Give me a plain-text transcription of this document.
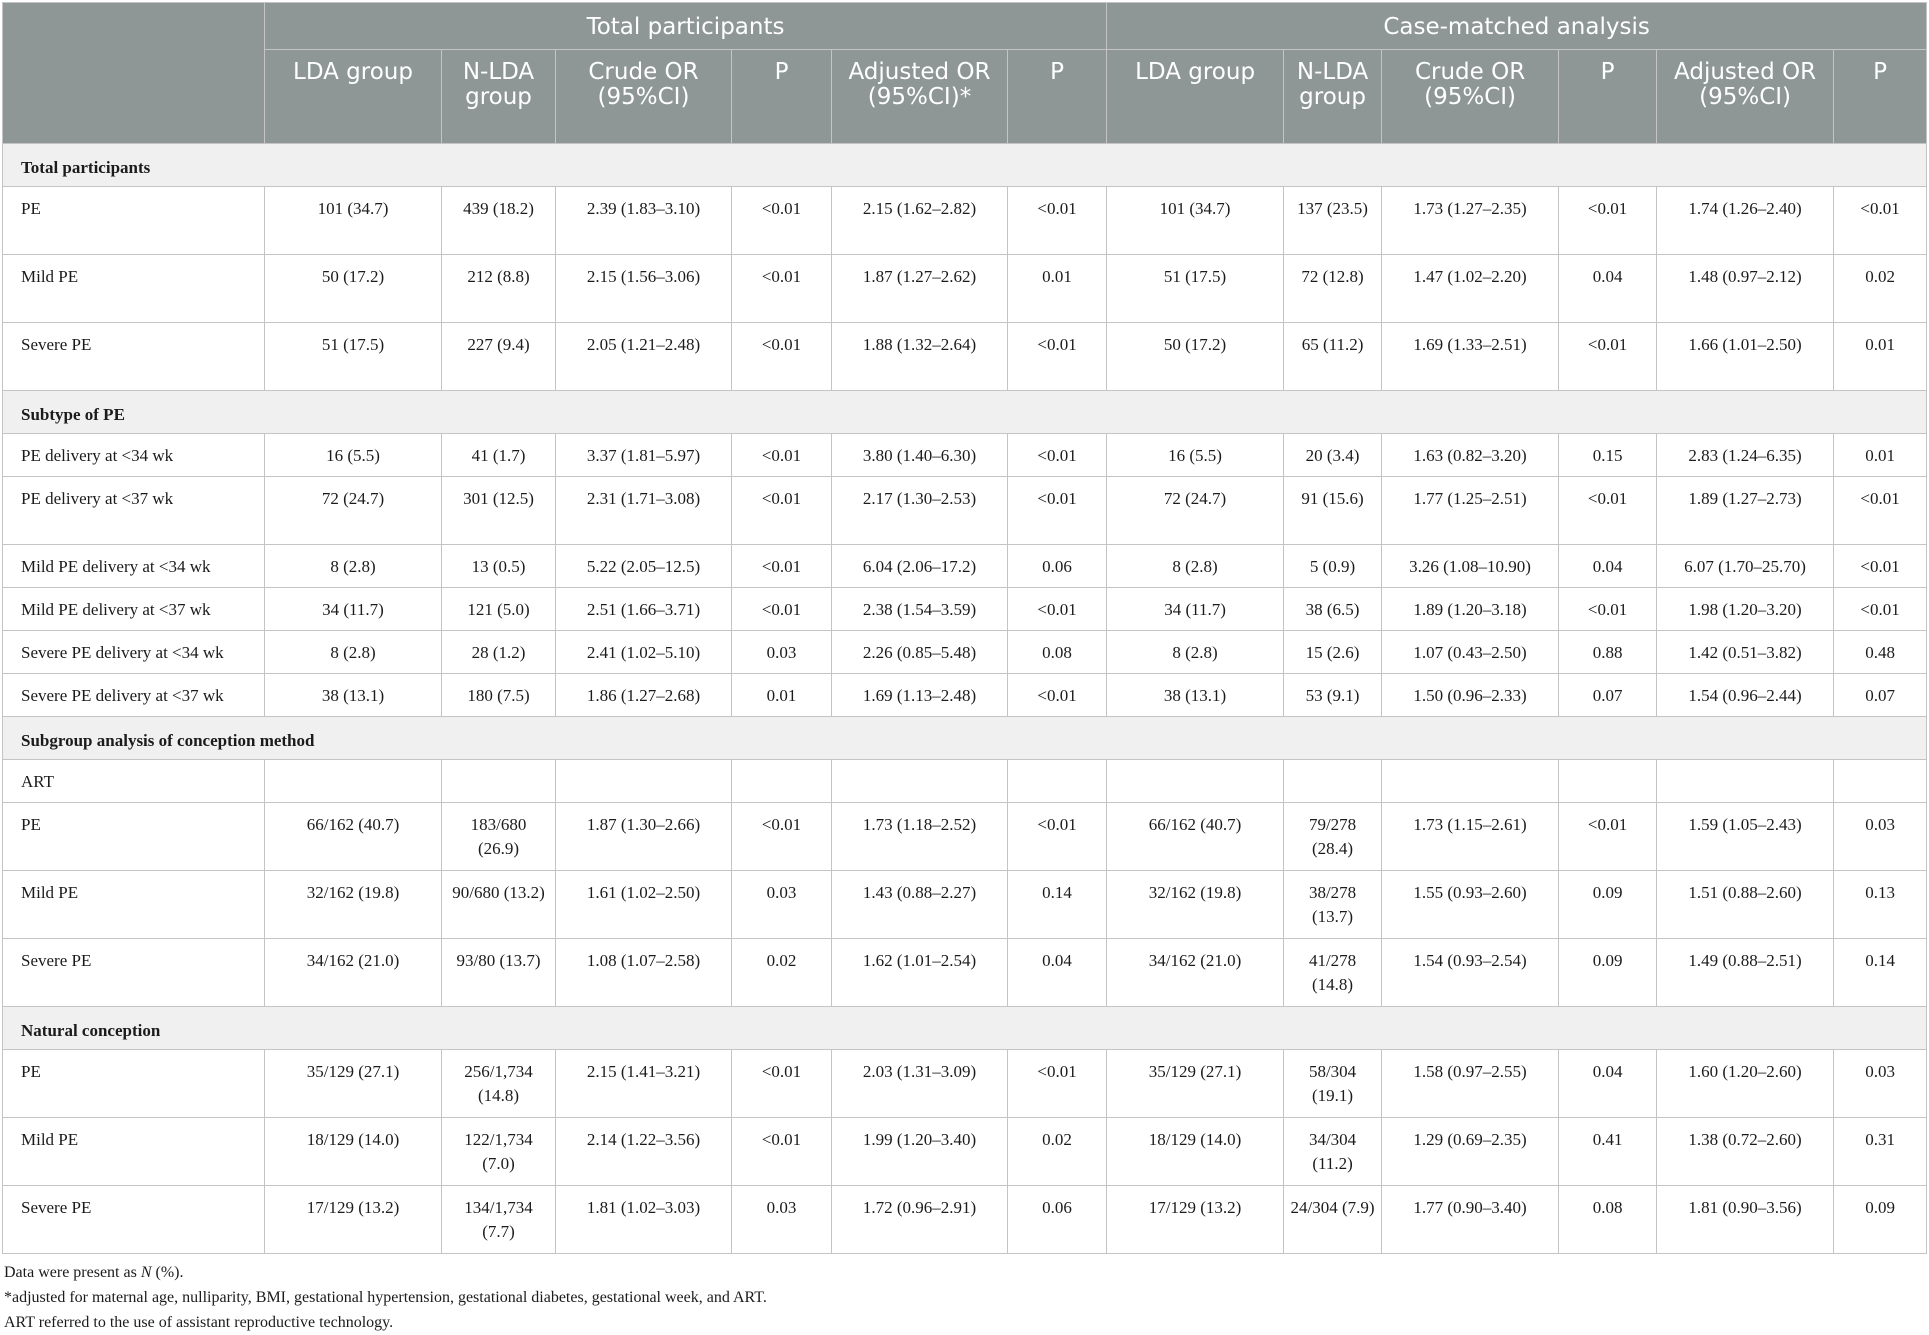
	Total participants						Case-matched analysis					
	LDA group	N-LDA group	Crude OR (95%CI)	P	Adjusted OR (95%CI)*	P	LDA group	N-LDA group	Crude OR (95%CI)	P	Adjusted OR (95%CI)	P
Total participants												
PE	101 (34.7)	439 (18.2)	2.39 (1.83–3.10)	<0.01	2.15 (1.62–2.82)	<0.01	101 (34.7)	137 (23.5)	1.73 (1.27–2.35)	<0.01	1.74 (1.26–2.40)	<0.01
Mild PE	50 (17.2)	212 (8.8)	2.15 (1.56–3.06)	<0.01	1.87 (1.27–2.62)	0.01	51 (17.5)	72 (12.8)	1.47 (1.02–2.20)	0.04	1.48 (0.97–2.12)	0.02
Severe PE	51 (17.5)	227 (9.4)	2.05 (1.21–2.48)	<0.01	1.88 (1.32–2.64)	<0.01	50 (17.2)	65 (11.2)	1.69 (1.33–2.51)	<0.01	1.66 (1.01–2.50)	0.01
Subtype of PE												
PE delivery at <34 wk	16 (5.5)	41 (1.7)	3.37 (1.81–5.97)	<0.01	3.80 (1.40–6.30)	<0.01	16 (5.5)	20 (3.4)	1.63 (0.82–3.20)	0.15	2.83 (1.24–6.35)	0.01
PE delivery at <37 wk	72 (24.7)	301 (12.5)	2.31 (1.71–3.08)	<0.01	2.17 (1.30–2.53)	<0.01	72 (24.7)	91 (15.6)	1.77 (1.25–2.51)	<0.01	1.89 (1.27–2.73)	<0.01
Mild PE delivery at <34 wk	8 (2.8)	13 (0.5)	5.22 (2.05–12.5)	<0.01	6.04 (2.06–17.2)	0.06	8 (2.8)	5 (0.9)	3.26 (1.08–10.90)	0.04	6.07 (1.70–25.70)	<0.01
Mild PE delivery at <37 wk	34 (11.7)	121 (5.0)	2.51 (1.66–3.71)	<0.01	2.38 (1.54–3.59)	<0.01	34 (11.7)	38 (6.5)	1.89 (1.20–3.18)	<0.01	1.98 (1.20–3.20)	<0.01
Severe PE delivery at <34 wk	8 (2.8)	28 (1.2)	2.41 (1.02–5.10)	0.03	2.26 (0.85–5.48)	0.08	8 (2.8)	15 (2.6)	1.07 (0.43–2.50)	0.88	1.42 (0.51–3.82)	0.48
Severe PE delivery at <37 wk	38 (13.1)	180 (7.5)	1.86 (1.27–2.68)	0.01	1.69 (1.13–2.48)	<0.01	38 (13.1)	53 (9.1)	1.50 (0.96–2.33)	0.07	1.54 (0.96–2.44)	0.07
Subgroup analysis of conception method												
ART												
PE	66/162 (40.7)	183/680 (26.9)	1.87 (1.30–2.66)	<0.01	1.73 (1.18–2.52)	<0.01	66/162 (40.7)	79/278 (28.4)	1.73 (1.15–2.61)	<0.01	1.59 (1.05–2.43)	0.03
Mild PE	32/162 (19.8)	90/680 (13.2)	1.61 (1.02–2.50)	0.03	1.43 (0.88–2.27)	0.14	32/162 (19.8)	38/278 (13.7)	1.55 (0.93–2.60)	0.09	1.51 (0.88–2.60)	0.13
Severe PE	34/162 (21.0)	93/80 (13.7)	1.08 (1.07–2.58)	0.02	1.62 (1.01–2.54)	0.04	34/162 (21.0)	41/278 (14.8)	1.54 (0.93–2.54)	0.09	1.49 (0.88–2.51)	0.14
Natural conception												
PE	35/129 (27.1)	256/1,734 (14.8)	2.15 (1.41–3.21)	<0.01	2.03 (1.31–3.09)	<0.01	35/129 (27.1)	58/304 (19.1)	1.58 (0.97–2.55)	0.04	1.60 (1.20–2.60)	0.03
Mild PE	18/129 (14.0)	122/1,734 (7.0)	2.14 (1.22–3.56)	<0.01	1.99 (1.20–3.40)	0.02	18/129 (14.0)	34/304 (11.2)	1.29 (0.69–2.35)	0.41	1.38 (0.72–2.60)	0.31
Severe PE	17/129 (13.2)	134/1,734 (7.7)	1.81 (1.02–3.03)	0.03	1.72 (0.96–2.91)	0.06	17/129 (13.2)	24/304 (7.9)	1.77 (0.90–3.40)	0.08	1.81 (0.90–3.56)	0.09
Data were present as N (%).
*adjusted for maternal age, nulliparity, BMI, gestational hypertension, gestational diabetes, gestational week, and ART.
ART referred to the use of assistant reproductive technology.
